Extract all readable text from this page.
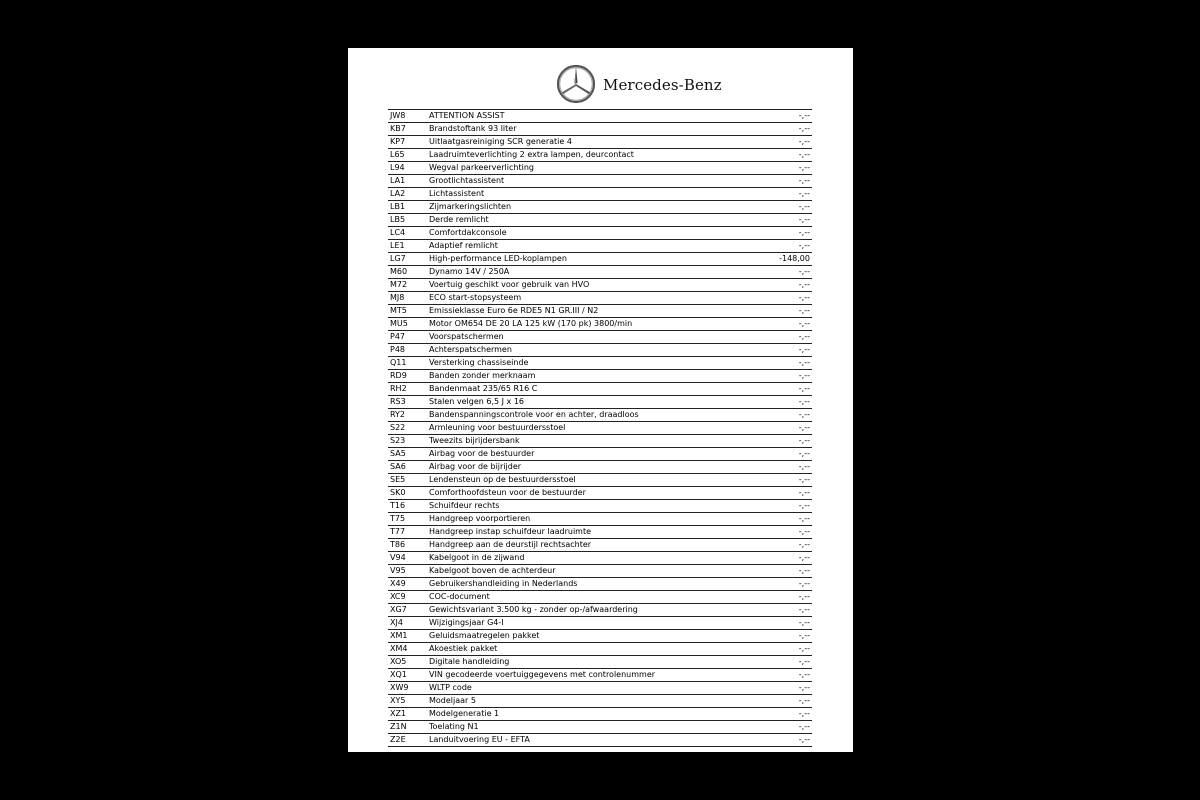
Mercedes-Benz
JW8	ATTENTION ASSIST	-,--
KB7	Brandstoftank 93 liter	-,--
KP7	Uitlaatgasreiniging SCR generatie 4	-,--
L65	Laadruimteverlichting 2 extra lampen, deurcontact	-,--
L94	Wegval parkeerverlichting	-,--
LA1	Grootlichtassistent	-,--
LA2	Lichtassistent	-,--
LB1	Zijmarkeringslichten	-,--
LB5	Derde remlicht	-,--
LC4	Comfortdakconsole	-,--
LE1	Adaptief remlicht	-,--
LG7	High-performance LED-koplampen	-148,00
M60	Dynamo 14V / 250A	-,--
M72	Voertuig geschikt voor gebruik van HVO	-,--
MJ8	ECO start-stopsysteem	-,--
MT5	Emissieklasse Euro 6e RDE5 N1 GR.III / N2	-,--
MU5	Motor OM654 DE 20 LA 125 kW (170 pk) 3800/min	-,--
P47	Voorspatschermen	-,--
P48	Achterspatschermen	-,--
Q11	Versterking chassiseinde	-,--
RD9	Banden zonder merknaam	-,--
RH2	Bandenmaat 235/65 R16 C	-,--
RS3	Stalen velgen 6,5 J x 16	-,--
RY2	Bandenspanningscontrole voor en achter, draadloos	-,--
S22	Armleuning voor bestuurdersstoel	-,--
S23	Tweezits bijrijdersbank	-,--
SA5	Airbag voor de bestuurder	-,--
SA6	Airbag voor de bijrijder	-,--
SE5	Lendensteun op de bestuurdersstoel	-,--
SK0	Comforthoofdsteun voor de bestuurder	-,--
T16	Schuifdeur rechts	-,--
T75	Handgreep voorportieren	-,--
T77	Handgreep instap schuifdeur laadruimte	-,--
T86	Handgreep aan de deurstijl rechtsachter	-,--
V94	Kabelgoot in de zijwand	-,--
V95	Kabelgoot boven de achterdeur	-,--
X49	Gebruikershandleiding in Nederlands	-,--
XC9	COC-document	-,--
XG7	Gewichtsvariant 3.500 kg - zonder op-/afwaardering	-,--
XJ4	Wijzigingsjaar G4-I	-,--
XM1	Geluidsmaatregelen pakket	-,--
XM4	Akoestiek pakket	-,--
XO5	Digitale handleiding	-,--
XQ1	VIN gecodeerde voertuiggegevens met controlenummer	-,--
XW9	WLTP code	-,--
XY5	Modeljaar 5	-,--
XZ1	Modelgeneratie 1	-,--
Z1N	Toelating N1	-,--
Z2E	Landuitvoering EU - EFTA	-,--
